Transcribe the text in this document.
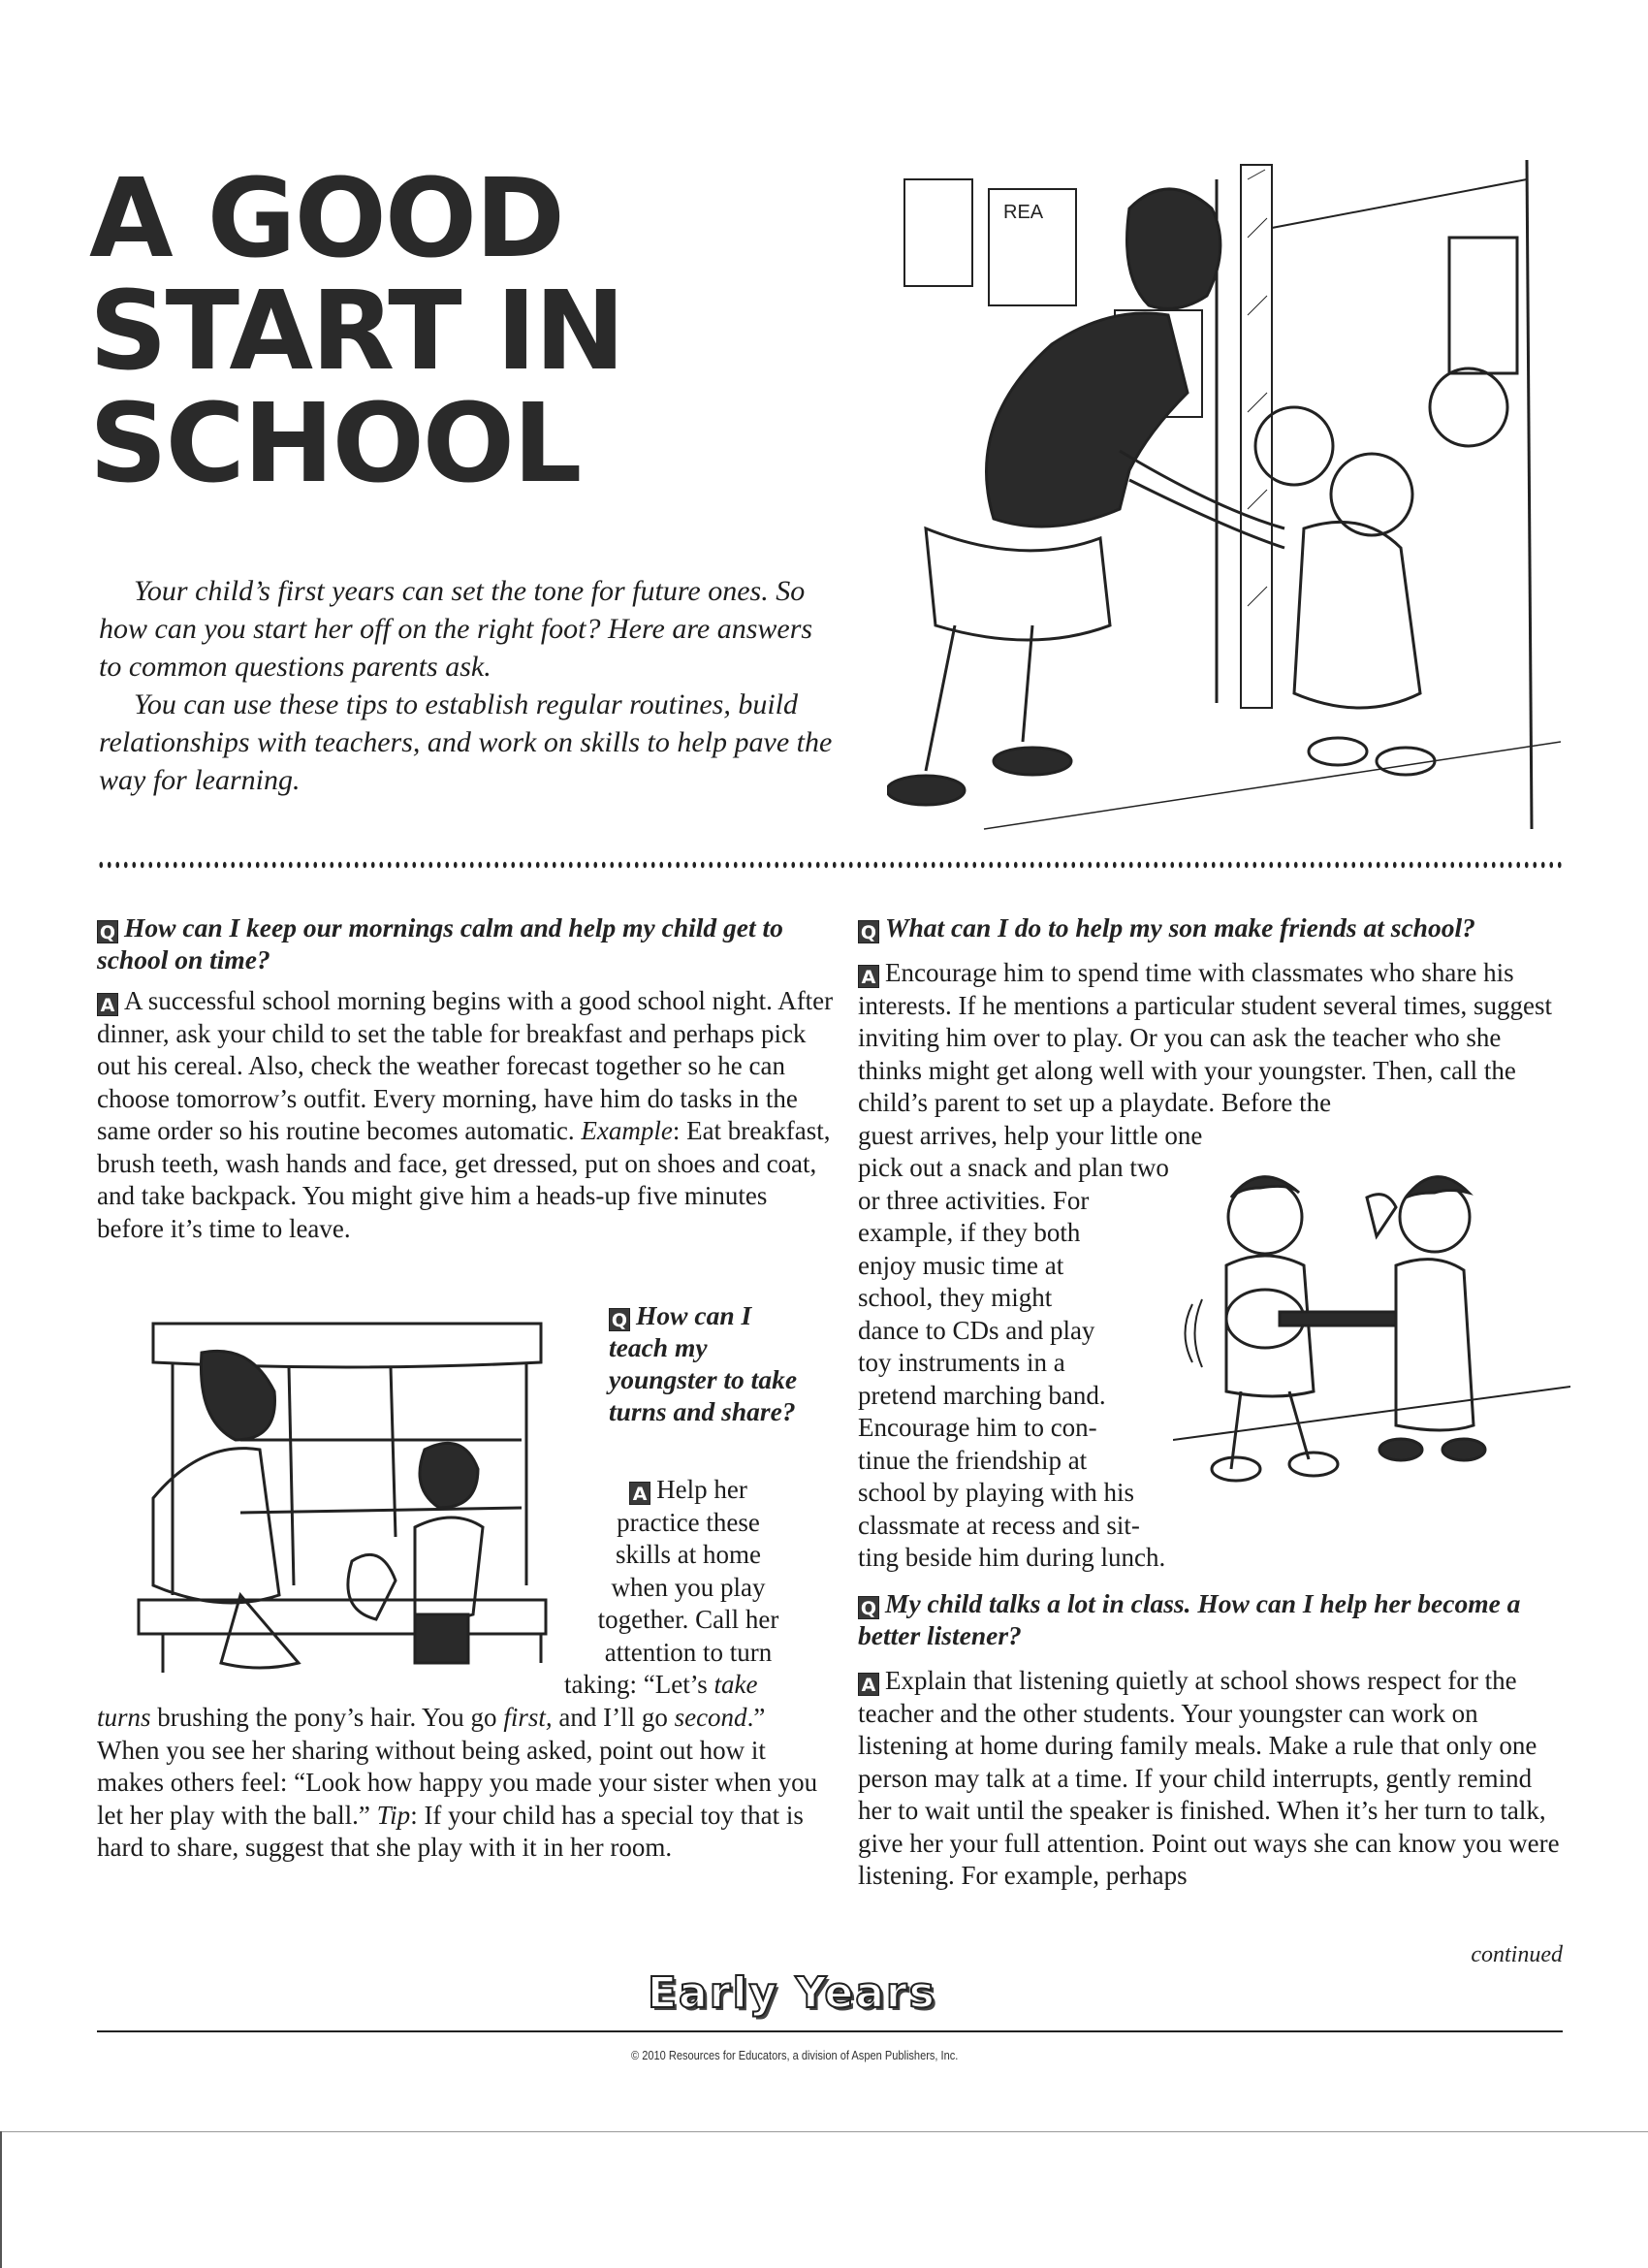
A GOOD
START IN
SCHOOL

Your child’s first years can set the tone for future ones. So how can you start her off on the right foot? Here are answers to common questions parents ask.

You can use these tips to establish regular routines, build relationships with teachers, and work on skills to help pave the way for learning.

REA
Q How can I keep our mornings calm and help my child get to school on time?

A A successful school morning begins with a good school night. After dinner, ask your child to set the table for breakfast and perhaps pick out his cereal. Also, check the weather forecast together so he can choose tomorrow’s outfit. Every morning, have him do tasks in the same order so his routine becomes automatic. Example: Eat breakfast, brush teeth, wash hands and face, get dressed, put on shoes and coat, and take backpack. You might give him a heads-up five minutes before it’s time to leave.

Q How can I teach my youngster to take turns and share?
A Help her
practice these
skills at home
when you play
together. Call her
attention to turn
taking: “Let’s take
turns brushing the pony’s hair. You go first, and I’ll go second.” When you see her sharing without being asked, point out how it makes others feel: “Look how happy you made your sister when you let her play with the ball.” Tip: If your child has a special toy that is hard to share, suggest that she play with it in her room.
Q What can I do to help my son make friends at school?

A Encourage him to spend time with classmates who share his interests. If he mentions a particular student several times, suggest inviting him over to play. Or you can ask the teacher who she thinks might get along well with your youngster. Then, call the child’s parent to set up a playdate. Before the

guest arrives, help your little one
pick out a snack and plan two
or three activities. For
example, if they both
enjoy music time at
school, they might
dance to CDs and play
toy instruments in a
pretend marching band.
Encourage him to con-
tinue the friendship at
school by playing with his
classmate at recess and sit-
ting beside him during lunch.
Q My child talks a lot in class. How can I help her become a better listener?

A Explain that listening quietly at school shows respect for the teacher and the other students. Your youngster can work on listening at home during family meals. Make a rule that only one person may talk at a time. If your child interrupts, gently remind her to wait until the speaker is finished. When it’s her turn to talk, give her your full attention. Point out ways she can know you were listening. For example, perhaps

continued
Early Years
© 2010 Resources for Educators, a division of Aspen Publishers, Inc.
